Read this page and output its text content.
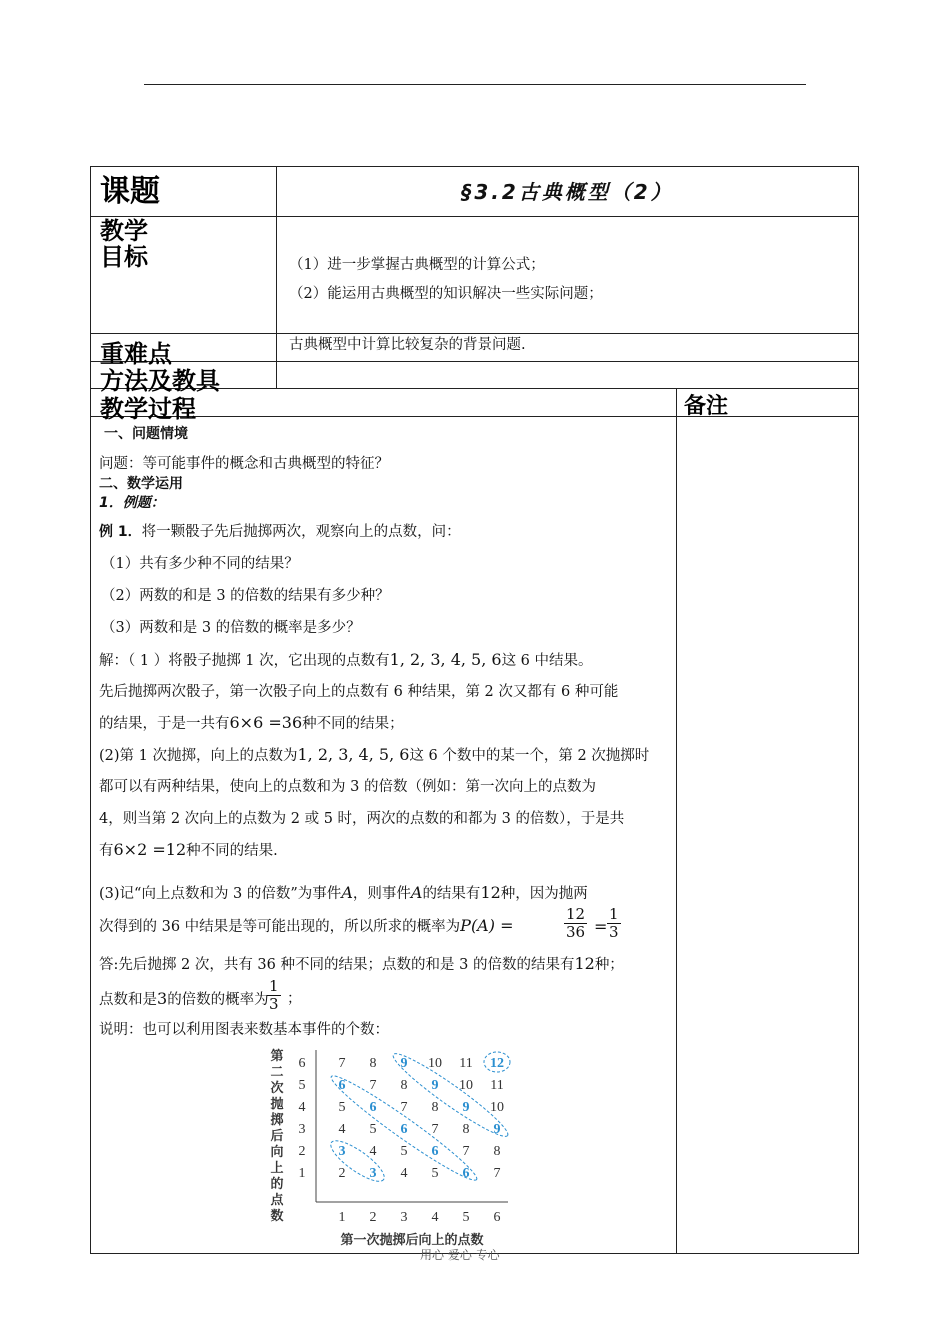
课题	§3.2古典概型（2）
教学
目标	（1）进一步掌握古典概型的计算公式；
（2）能运用古典概型的知识解决一些实际问题；
重难点	古典概型中计算比较复杂的背景问题.
方法及教具
教学过程	备注
一、问题情境
问题：等可能事件的概念和古典概型的特征？
二、数学运用
1．例题：
例 1．将一颗骰子先后抛掷两次，观察向上的点数，问：
（1）共有多少种不同的结果？
（2）两数的和是 3 的倍数的结果有多少种？
（3）两数和是 3 的倍数的概率是多少？
解：（ 1 ）将骰子抛掷 1 次，它出现的点数有1, 2, 3, 4, 5, 6这 6 中结果。
先后抛掷两次骰子，第一次骰子向上的点数有 6 种结果，第 2 次又都有 6 种可能
的结果，于是一共有6×6 =36种不同的结果；
(2)第 1 次抛掷，向上的点数为1, 2, 3, 4, 5, 6这 6 个数中的某一个，第 2 次抛掷时
都可以有两种结果，使向上的点数和为 3 的倍数（例如：第一次向上的点数为
4，则当第 2 次向上的点数为 2 或 5 时，两次的点数的和都为 3 的倍数），于是共
有6×2 =12种不同的结果.
(3)记“向上点数和为 3 的倍数”为事件A，则事件A的结果有12种，因为抛两
次得到的 36 中结果是等可能出现的，所以所求的概率为P(A) =	$\frac{12}{36} = \frac{1}{3}$
答:先后抛掷 2 次，共有 36 种不同的结果；点数的和是 3 的倍数的结果有12种；
点数和是3的倍数的概率为
$\frac{1}{3}$ ；
说明：也可以利用图表来数基本事件的个数：
7 8 9 10 11 12
6 7 8 9 10 11
5 6 7 8 9 10
4 5 6 7 8 9
3 4 5 6 7 8
2 3 4 5 6 7
1
2
3
4
5
6
1 2 3 4 5 6
第一次抛掷后向上的点数
第二次抛掷后向上的点数
用心 爱心 专心
